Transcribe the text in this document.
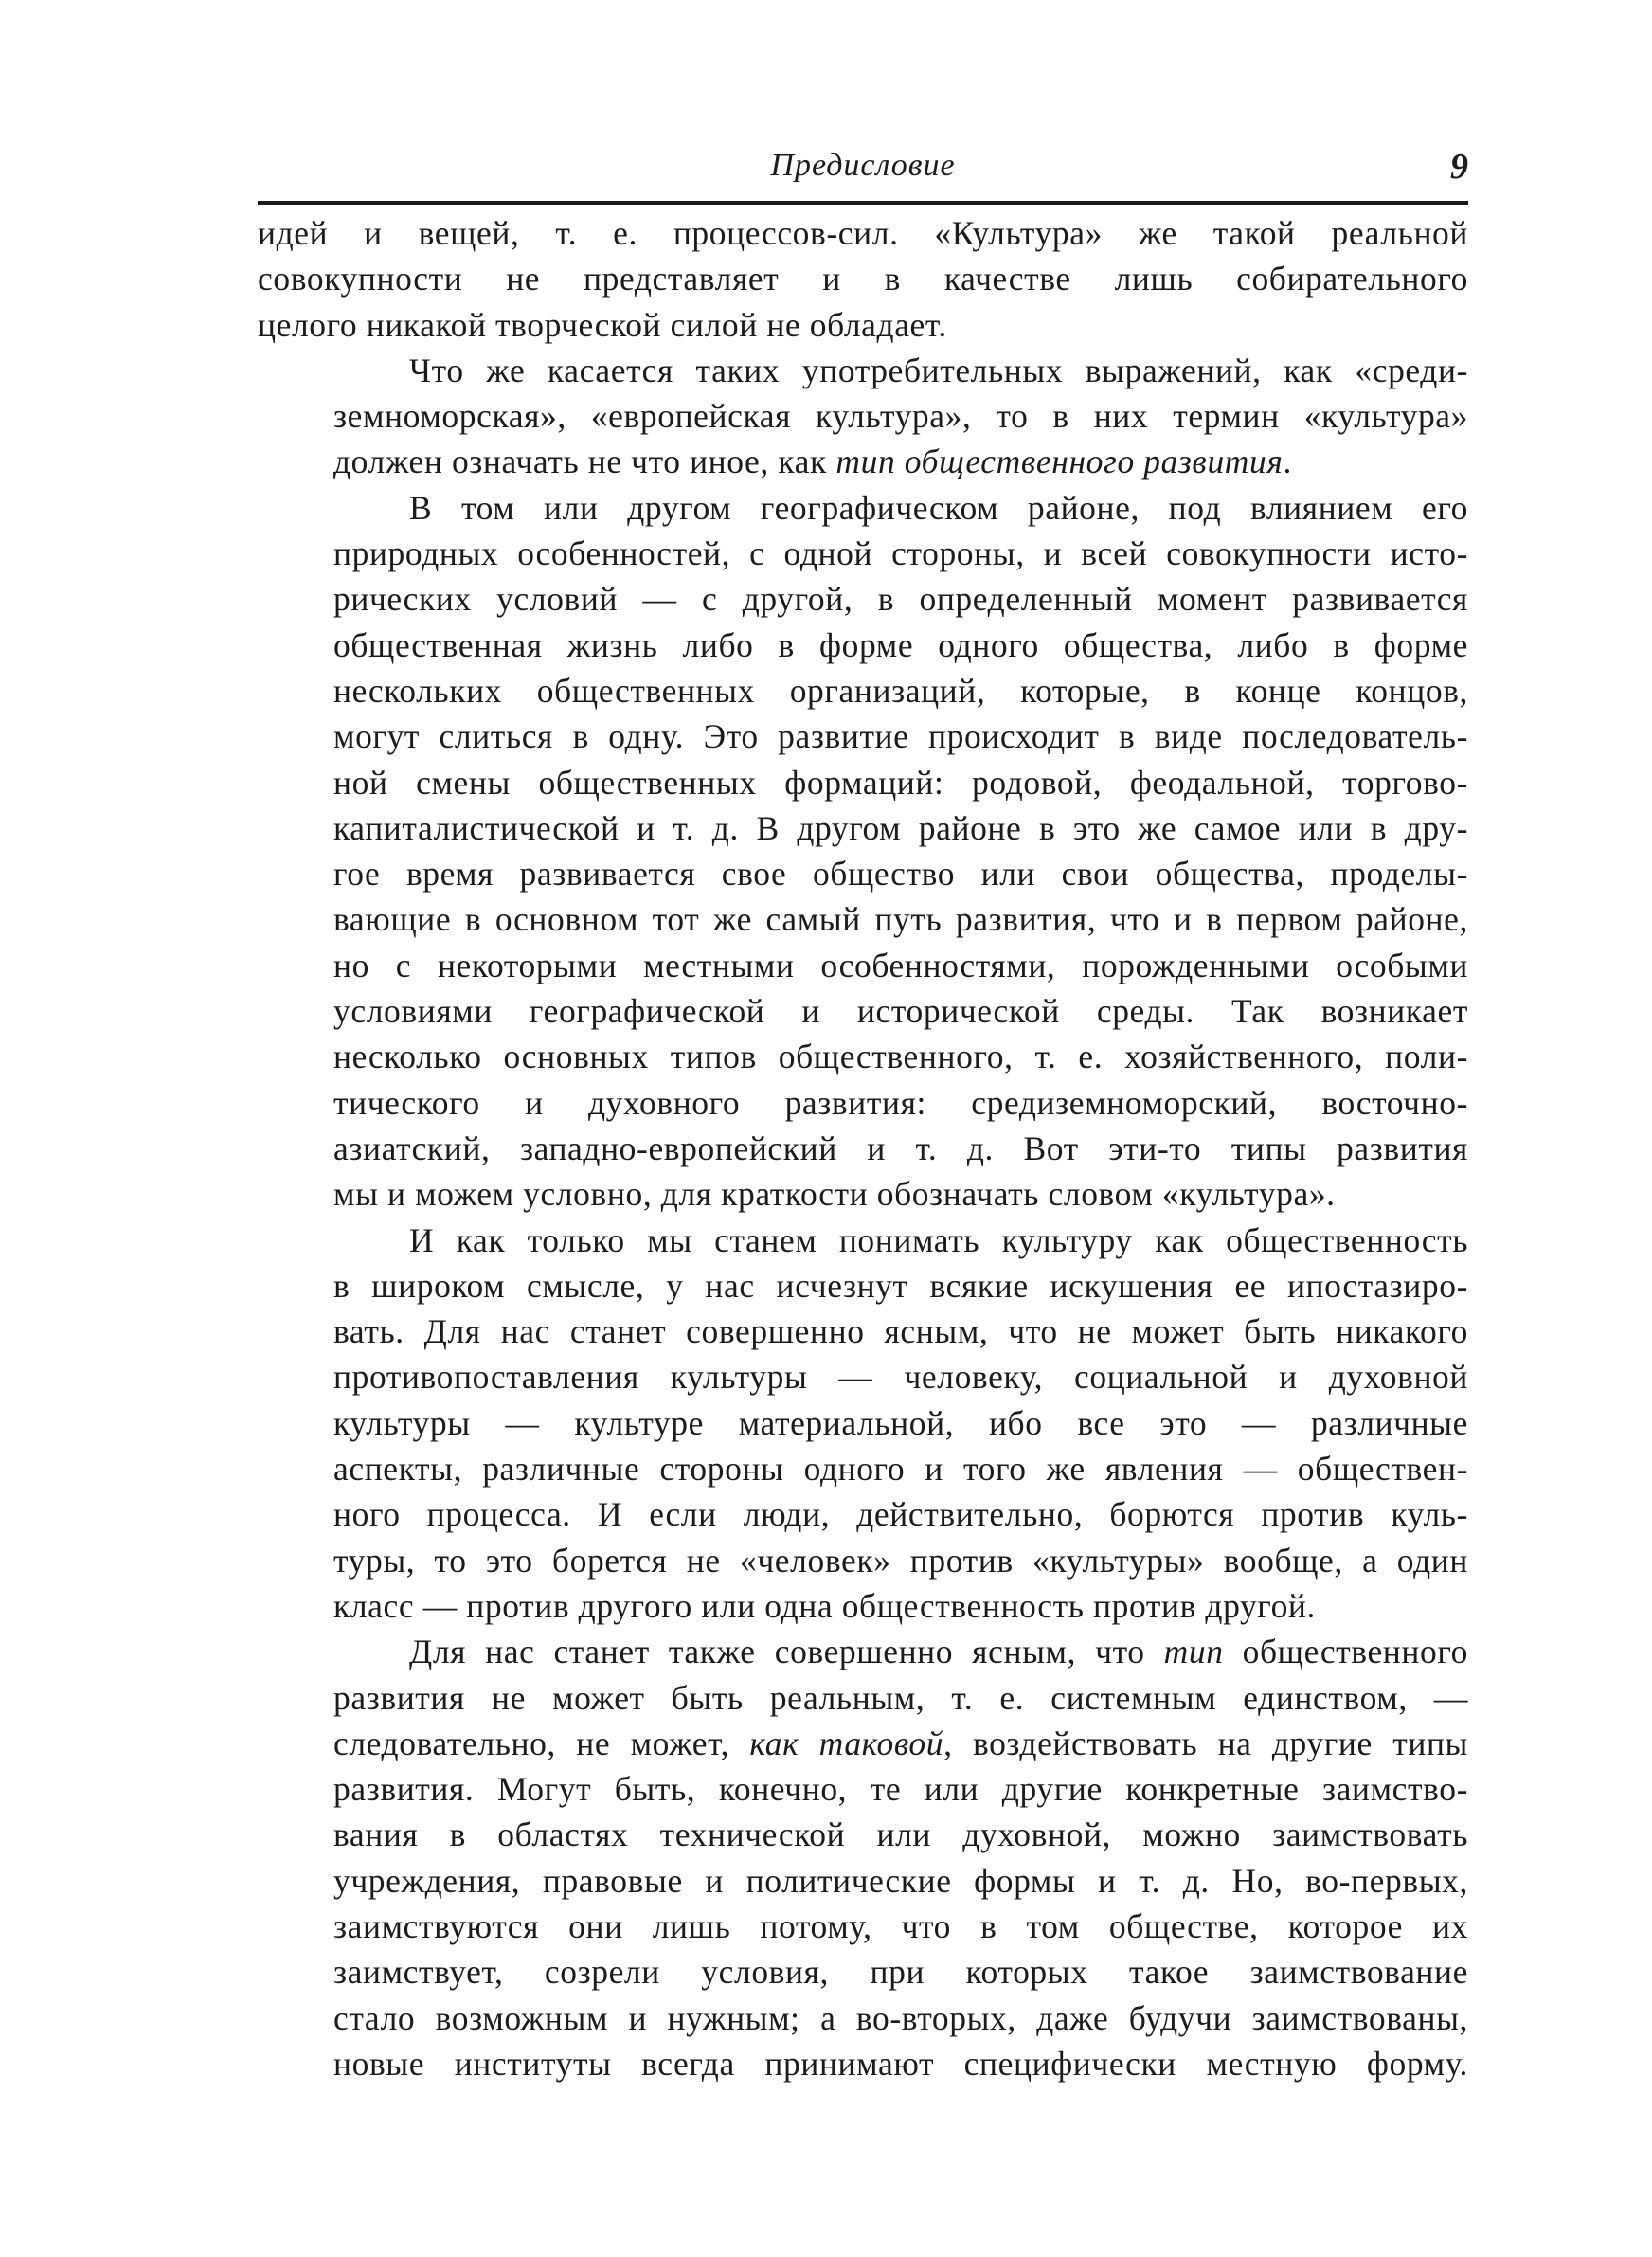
Предисловие	9
идей и вещей, т. е. процессов-сил. «Культура» же такой реальной
совокупности не представляет и в качестве лишь собирательного
целого никакой творческой силой не обладает.
Что же касается таких употребительных выражений, как «среди-
земноморская», «европейская культура», то в них термин «культура»
должен означать не что иное, как тип общественного развития.
В том или другом географическом районе, под влиянием его
природных особенностей, с одной стороны, и всей совокупности исто-
рических условий — с другой, в определенный момент развивается
общественная жизнь либо в форме одного общества, либо в форме
нескольких общественных организаций, которые, в конце концов,
могут слиться в одну. Это развитие происходит в виде последователь-
ной смены общественных формаций: родовой, феодальной, торгово-
капиталистической и т. д. В другом районе в это же самое или в дру-
гое время развивается свое общество или свои общества, проделы-
вающие в основном тот же самый путь развития, что и в первом районе,
но с некоторыми местными особенностями, порожденными особыми
условиями географической и исторической среды. Так возникает
несколько основных типов общественного, т. е. хозяйственного, поли-
тического и духовного развития: средиземноморский, восточно-
азиатский, западно-европейский и т. д. Вот эти-то типы развития
мы и можем условно, для краткости обозначать словом «культура».
И как только мы станем понимать культуру как общественность
в широком смысле, у нас исчезнут всякие искушения ее ипостазиро-
вать. Для нас станет совершенно ясным, что не может быть никакого
противопоставления культуры — человеку, социальной и духовной
культуры — культуре материальной, ибо все это — различные
аспекты, различные стороны одного и того же явления — обществен-
ного процесса. И если люди, действительно, борются против куль-
туры, то это борется не «человек» против «культуры» вообще, а один
класс — против другого или одна общественность против другой.
Для нас станет также совершенно ясным, что тип общественного
развития не может быть реальным, т. е. системным единством, —
следовательно, не может, как таковой, воздействовать на другие типы
развития. Могут быть, конечно, те или другие конкретные заимство-
вания в областях технической или духовной, можно заимствовать
учреждения, правовые и политические формы и т. д. Но, во-первых,
заимствуются они лишь потому, что в том обществе, которое их
заимствует, созрели условия, при которых такое заимствование
стало возможным и нужным; а во-вторых, даже будучи заимствованы,
новые институты всегда принимают специфически местную форму.
